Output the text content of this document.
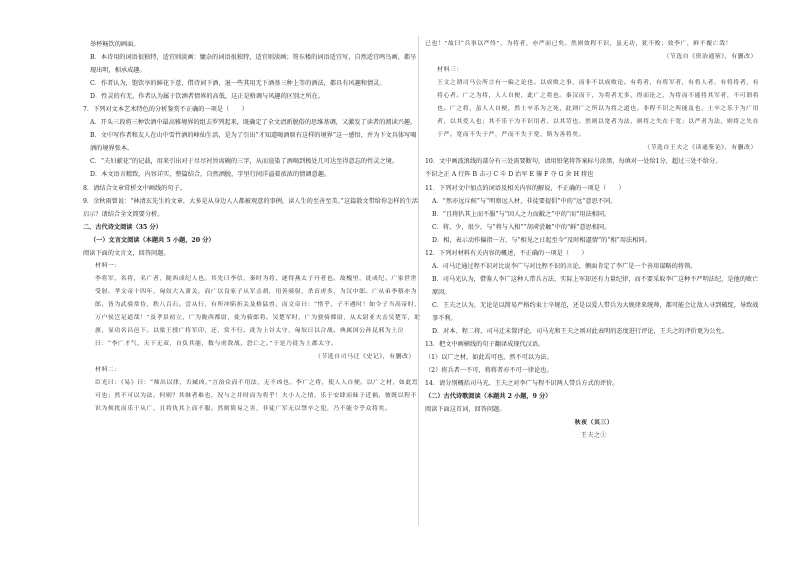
举杯畅饮的画面。

B．本诗用的词语很独特，适宜则淡画：慵杂的词语很独特，适宜则淡画；笏东楼的词语适宜写，自然适宜鸣鸟画，都呈现出明，相承成趣。

C．作者认为，饱饮享的鲜花下意，借诗词下酒，退一些其用无下酒基三种上等的酒法，都具有风趣和情灵。

D．性灵的有无，作者认为属于饮酒者情界的高低，这正是格调与风趣的区别之所在。

7．下列对文本艺术特色的分析鉴赏不正确的一项是（　　）

A．开头三段将三种饮酒中最高雅境界的组去罗列起来，既确定了全文清新脱俗的思维基调，又激发了读者的阅读兴趣。

B．文中写作者和友人在山中雪竹酒的峰仙生活，是为了引出“才知道喝酒原有这样的境界”这一感悟，并为下文具体写喝酒的境界张本。

C．“夫妇献花”的记载，用来引出对于尽尽衬旨席碗的三字，从而渲染了酒喝到极处几可达至得意忘的性灵之境。

D．本文语言精致，内容详实，整篇结合，自然洒脱，字里行间洋溢着浓浓的情调意趣。

8．请结合文章赏析文中画线的句子。

9．余秋雨曾说：“林清玄先生的文章，大多是从身边人人都被观意的事例，读人生的至善至美。”这篇散文带给你怎样的生活启示？请结合全文简要分析。

二、古代诗文阅读（35 分）

（一）文言文阅读（本题共 5 小题，20 分）

阅读下面的文言文，回答问题。

材料一：

李将军，名将，名广者，陇西成纪人也。其先曰李信，秦时为将，逐得燕太子丹者也。故槐里，徙成纪。广家世世受射。孝文帝十四年，匈奴大入萧关，而广以良家子从军击胡，用善骑射，杀首虏多，为汉中郎。广从弟李蔡亦为郎，皆为武骑常侍，秩八百石。尝从行，有所冲陷折关及格猛兽，而文帝曰：“惜乎，子不遇时！如令子当高帝时，万户侯岂足道哉！”及孝景初立，广为陇西都尉，徙为骑郎将。吴楚军时，广为骁骑都尉，从太尉亚夫击吴楚军，取旗，显功名昌邑下。以梁王授广将军印，还，赏不行。徙为上谷太守，匈奴日以合战。典属国公孙昆邪为上泣曰：“李广才气，天下无双，自负其能，数与虏敌战，恐亡之。”于是乃徙为上郡太守。

（节选自司马迁《史记》，有删改）

材料二：

臣光曰：《易》曰：“师出以律，否臧凶。”言治众而不用法，无不凶也。李广之将，使人人自便。以广之材，如此焉可也；然不可以为法。何则？其继者难也，况与之并时而为将乎！夫小人之情，乐于安肆而昧于近祸，彼既以程不识为烦扰而乐于从广，且将仇其上而不服。然则简易之害，非徒广军无以禁卒之犯，乃不能令乎众将矣。

已也！”故曰“兵事以严终”，为将者，亦严而已矣。然则效程不识，虽无功，犹不败；效李广，鲜不覆亡哉！

（节选自《资治通鉴》，有删改）

材料三：

王文之谓司马公所言有一偏之论也。以成败之事，而非不以成败论。有将者，有将军者，有将人者，有将将者，有将心者。广之为将，人人自便，此广之将也。秦汉而下，为将者尤多，得而论之，为将而不能将其军者，不可谓将也。广之将，虽人人自便，然士卒乐为之死，此则广之所以为将之道也。非程不识之所能及也。士卒之乐于为广用者，以其爱人也；其不乐于为不识用者，以其苛也。然则以宽者为法，则将之失在于宽；以严者为法，则将之失在于严。宽而不失于严，严而不失于宽，斯为善将矣。

（节选自王夫之《读通鉴论》，有删改）

10．文中画波浪线的部分有三处需要断句，请用铅笔将答案标号涂黑，每填对一处给1分，超过三处不给分。

不识之正 A 行阵 B 击刁 C 斗 D 治军 E 簿 F 夺 G 舍 H 将也

11．下列对文中加点的词语及相关内容的解说，不正确的一项是（　　）

A．“然亦远斥候”与“明察远人材，非徒要提倡”中的“远”意思不同。

B．“且将扒其上而不服”与“因人之力而敝之”中的“而”用法相同。

C．将，少，很少，与“将与入相”“胡虏尝触”中的“鲜”意思相同。

D．相，表示动作偏指一方，与“相见之日起至今”及时相逼情”的“相”用法相同。

12．下列对材料有关内容的概述，不正确的一项是（　　）

A．司马迁通过程不识对比说李广与对比程不识的言论，侧面肯定了李广是一个善用谋略的将领。

B．司马光认为，借鉴人李广这种人带兵方法，实际上军却还有力量纪律，而不要采取李广这种不严明法纪，是他的败亡原因。

C．王夫之认为，无论是以简易严格约束士卒规范，还是以爱人带兵为大规律来统帅，都可能会让敌人寻到破绽，导致战事不利。

D．对本、程二将，司马迁未置评论，司马光和王夫之则对此表明的态度进行评论，王夫之的评价更为公允。

13．把文中画横线的句子翻译成现代汉语。

（1）以广之材，如此焉可也，然不可以为法。

（2）将兵者一不可，将将者亦不可一律论也。

14．请分别概括司马光、王夫之对李广与程不识两人带兵方式的评价。

（二）古代诗歌阅读（本题共 2 小题，9 分）

阅读下面这首词，回答问题。

秋夜（其三）

王夫之①
